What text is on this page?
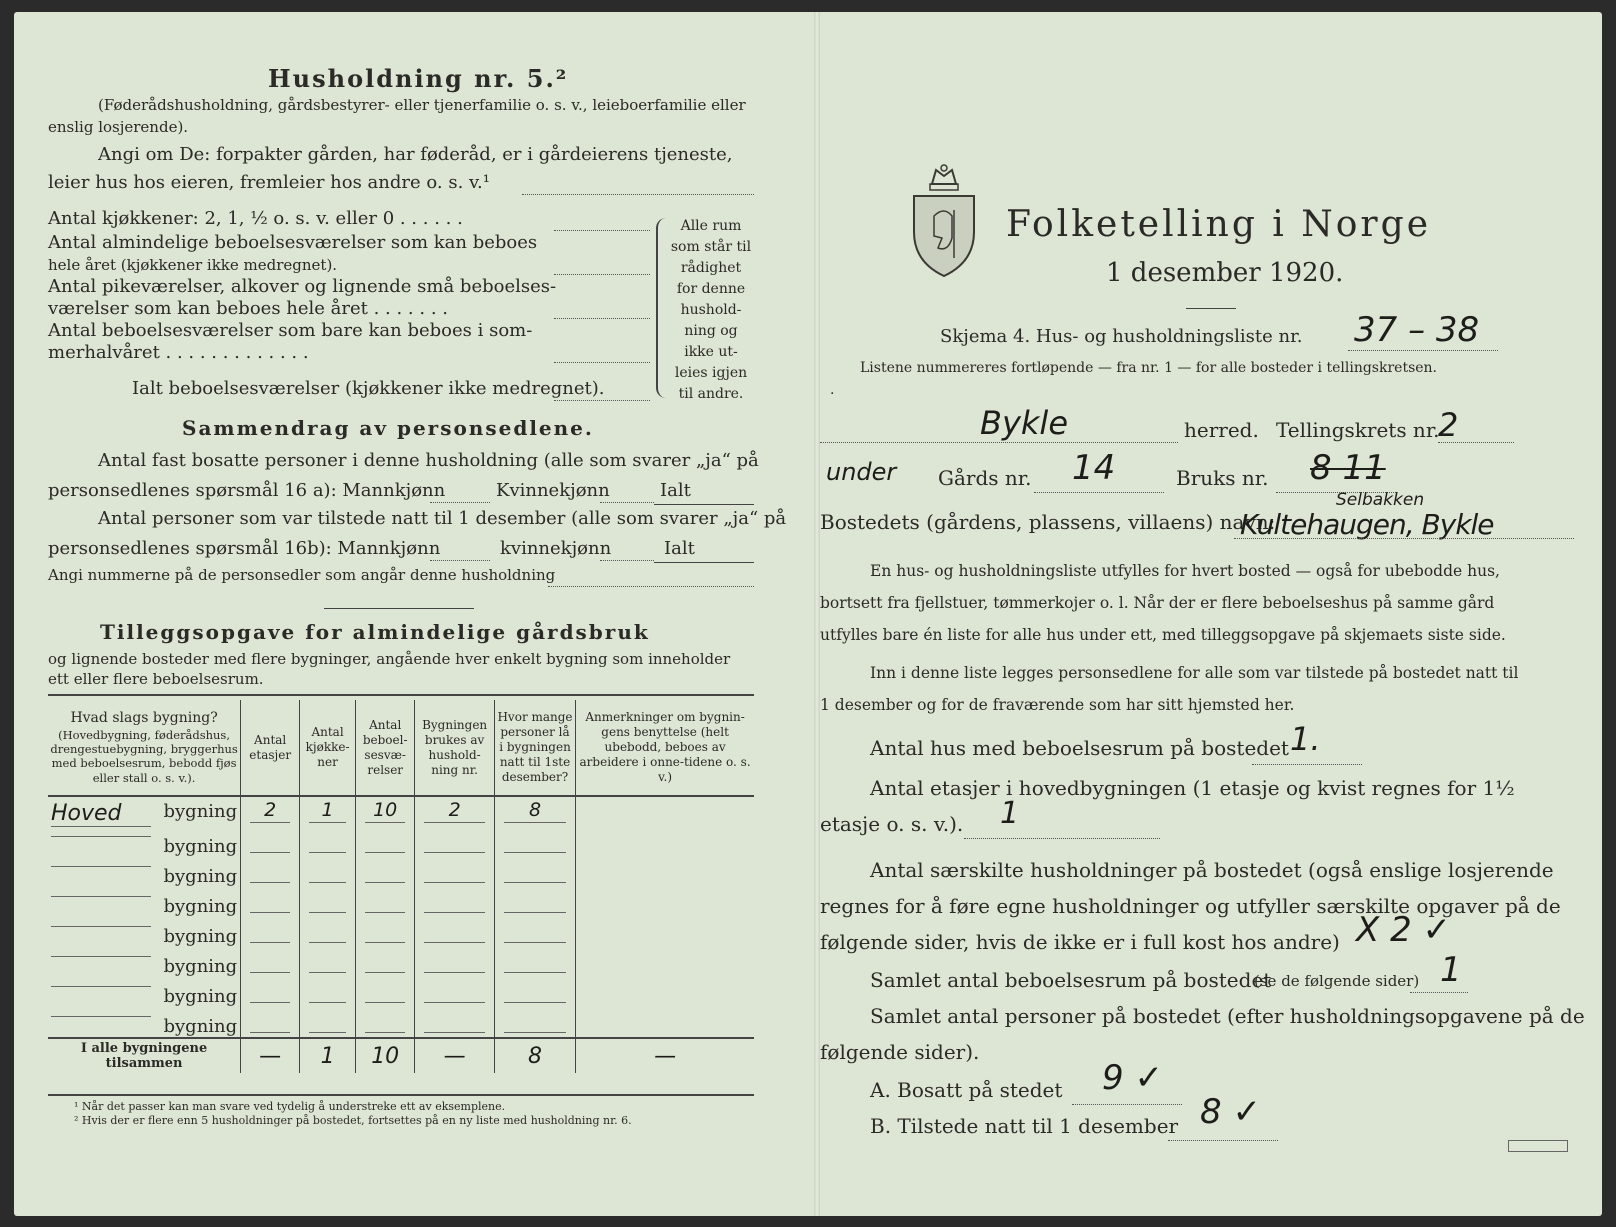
Husholdning nr. 5.²
(Føderådshusholdning, gårdsbestyrer- eller tjenerfamilie o. s. v., leieboerfamilie eller
enslig losjerende).
Angi om De: forpakter gården, har føderåd, er i gårdeierens tjeneste,
leier hus hos eieren, fremleier hos andre o. s. v.¹
Antal kjøkkener: 2, 1, ½ o. s. v. eller 0 . . . . . .
Antal almindelige beboelsesværelser som kan beboes
hele året (kjøkkener ikke medregnet).
Antal pikeværelser, alkover og lignende små beboelses-
værelser som kan beboes hele året . . . . . . .
Antal beboelsesværelser som bare kan beboes i som-
merhalvåret . . . . . . . . . . . . .
Ialt beboelsesværelser (kjøkkener ikke medregnet).
Alle rum
som står til
rådighet
for denne
hushold-
ning og
ikke ut-
leies igjen
til andre.
Sammendrag av personsedlene.
Antal fast bosatte personer i denne husholdning (alle som svarer „ja“ på
personsedlenes spørsmål 16 a): Mannkjønn	Kvinnekjønn	Ialt
Antal personer som var tilstede natt til 1 desember (alle som svarer „ja“ på
personsedlenes spørsmål 16b): Mannkjønn	kvinnekjønn	Ialt
Angi nummerne på de personsedler som angår denne husholdning
Tilleggsopgave for almindelige gårdsbruk
og lignende bosteder med flere bygninger, angående hver enkelt bygning som inneholder
ett eller flere beboelsesrum.
Hvad slags bygning?
(Hovedbygning, føderådshus, drengestuebygning, bryggerhus med beboelsesrum, bebodd fjøs eller stall o. s. v.).	Antal etasjer	Antal kjøkke-ner	Antal beboel-sesvæ-relser	Bygningen brukes av hushold-ning nr.	Hvor mange personer lå i bygningen natt til 1ste desember?	Anmerkninger om bygnin-gens benyttelse (helt ubebodd, beboes av arbeidere i onne-tidene o. s. v.)

Hoved bygning	2	1	10	2	8

bygning	

bygning	

bygning	

bygning	

bygning	

bygning	

bygning	

I alle bygningene tilsammen	—	1	10	—	8	—
¹ Når det passer kan man svare ved tydelig å understreke ett av eksemplene.
² Hvis der er flere enn 5 husholdninger på bostedet, fortsettes på en ny liste med husholdning nr. 6.
Folketelling i Norge
1 desember 1920.
Skjema 4. Hus- og husholdningsliste nr. 37 – 38
Listene nummereres fortløpende — fra nr. 1 — for alle bosteder i tellingskretsen.
.
Bykle	herred. Tellingskrets nr.
2
under Gårds nr. 14	Bruks nr. 8 11
Bostedets (gårdens, plassens, villaens) navn:
Selbakken
Kultehaugen, Bykle
En hus- og husholdningsliste utfylles for hvert bosted — også for ubebodde hus,
bortsett fra fjellstuer, tømmerkojer o. l. Når der er flere beboelseshus på samme gård
utfylles bare én liste for alle hus under ett, med tilleggsopgave på skjemaets siste side.
Inn i denne liste legges personsedlene for alle som var tilstede på bostedet natt til
1 desember og for de fraværende som har sitt hjemsted her.
Antal hus med beboelsesrum på bostedet 1.
Antal etasjer i hovedbygningen (1 etasje og kvist regnes for 1½
etasje o. s. v.). 1
Antal særskilte husholdninger på bostedet (også enslige losjerende
regnes for å føre egne husholdninger og utfyller særskilte opgaver på de
følgende sider, hvis de ikke er i full kost hos andre) X 2 ✓
Samlet antal beboelsesrum på bostedet
(se de følgende sider) 1
Samlet antal personer på bostedet (efter husholdningsopgavene på de
følgende sider).
A. Bosatt på stedet 9 ✓
B. Tilstede natt til 1 desember 8 ✓
